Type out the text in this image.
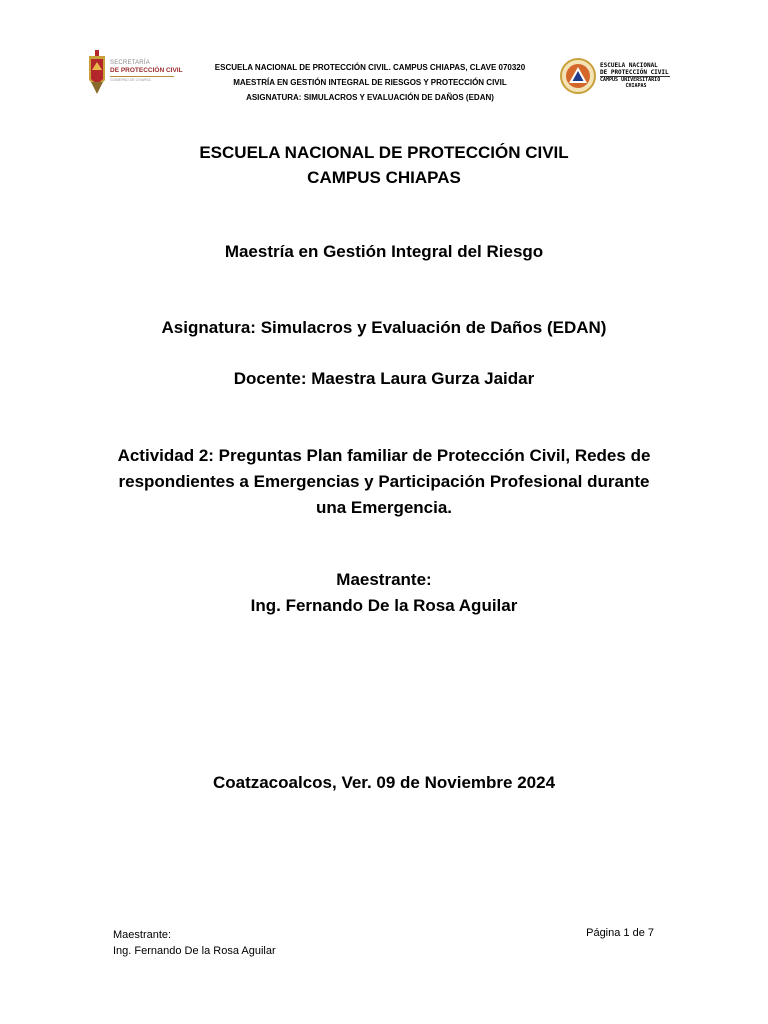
SECRETARÍA
DE PROTECCIÓN CIVIL
GOBIERNO DE CHIAPAS
ESCUELA NACIONAL DE PROTECCIÓN CIVIL. CAMPUS CHIAPAS, CLAVE 070320
MAESTRÍA EN GESTIÓN INTEGRAL DE RIESGOS Y PROTECCIÓN CIVIL
ASIGNATURA: SIMULACROS Y EVALUACIÓN DE DAÑOS (EDAN)
ESCUELA NACIONAL
DE PROTECCIÓN CIVIL
CAMPUS UNIVERSITARIO
CHIAPAS
ESCUELA NACIONAL DE PROTECCIÓN CIVIL
CAMPUS CHIAPAS
Maestría en Gestión Integral del Riesgo
Asignatura: Simulacros y Evaluación de Daños (EDAN)
Docente: Maestra Laura Gurza Jaidar
Actividad 2: Preguntas Plan familiar de Protección Civil, Redes de
respondientes a Emergencias y Participación Profesional durante
una Emergencia.
Maestrante:
Ing. Fernando De la Rosa Aguilar
Coatzacoalcos, Ver. 09 de Noviembre 2024
Maestrante:
Ing. Fernando De la Rosa Aguilar
Página 1 de 7
